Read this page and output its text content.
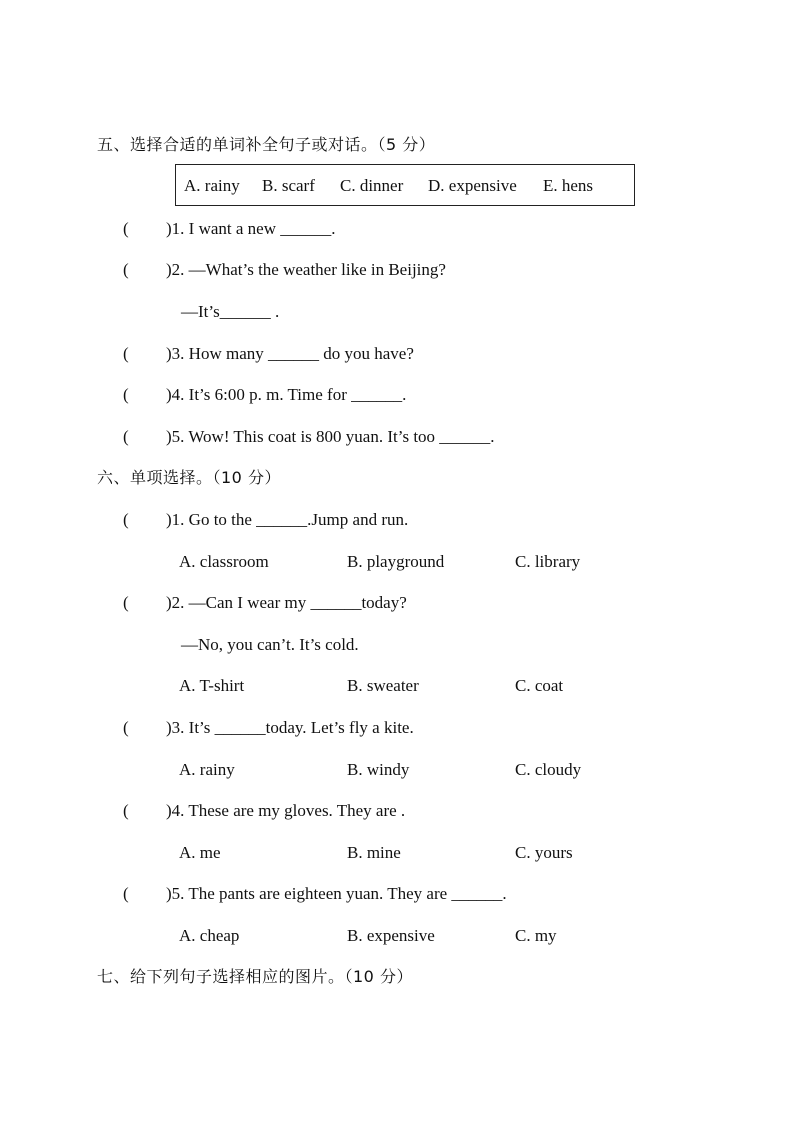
五、选择合适的单词补全句子或对话。（5 分）
A. rainy B. scarf C. dinner D. expensive E. hens
( )1. I want a new ______.
( )2. —What’s the weather like in Beijing?
—It’s______ .
( )3. How many ______ do you have?
( )4. It’s 6:00 p. m. Time for ______.
( )5. Wow! This coat is 800 yuan. It’s too ______.
六、单项选择。（10 分）
( )1. Go to the ______.Jump and run.
A. classroom	B. playground	C. library
( )2. —Can I wear my ______today?
—No, you can’t. It’s cold.
A. T-shirt	B. sweater	C. coat
( )3. It’s ______today. Let’s fly a kite.
A. rainy	B. windy	C. cloudy
( )4. These are my gloves. They are .
A. me	B. mine	C. yours
( )5. The pants are eighteen yuan. They are ______.
A. cheap	B. expensive	C. my
七、给下列句子选择相应的图片。（10 分）
